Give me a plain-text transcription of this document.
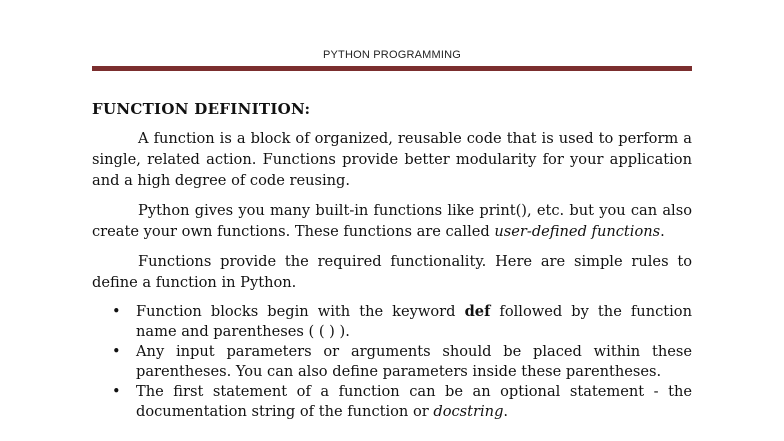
PYTHON PROGRAMMING
FUNCTION DEFINITION:

A function is a block of organized, reusable code that is used to perform a single, related action. Functions provide better modularity for your application and a high degree of code reusing.

Python gives you many built-in functions like print(), etc. but you can also create your own functions. These functions are called user-defined functions.

Functions provide the required functionality. Here are simple rules to define a function in Python.

• Function blocks begin with the keyword def followed by the function name and parentheses ( ( ) ).
• Any input parameters or arguments should be placed within these parentheses. You can also define parameters inside these parentheses.
• The first statement of a function can be an optional statement - the documentation string of the function or docstring.
